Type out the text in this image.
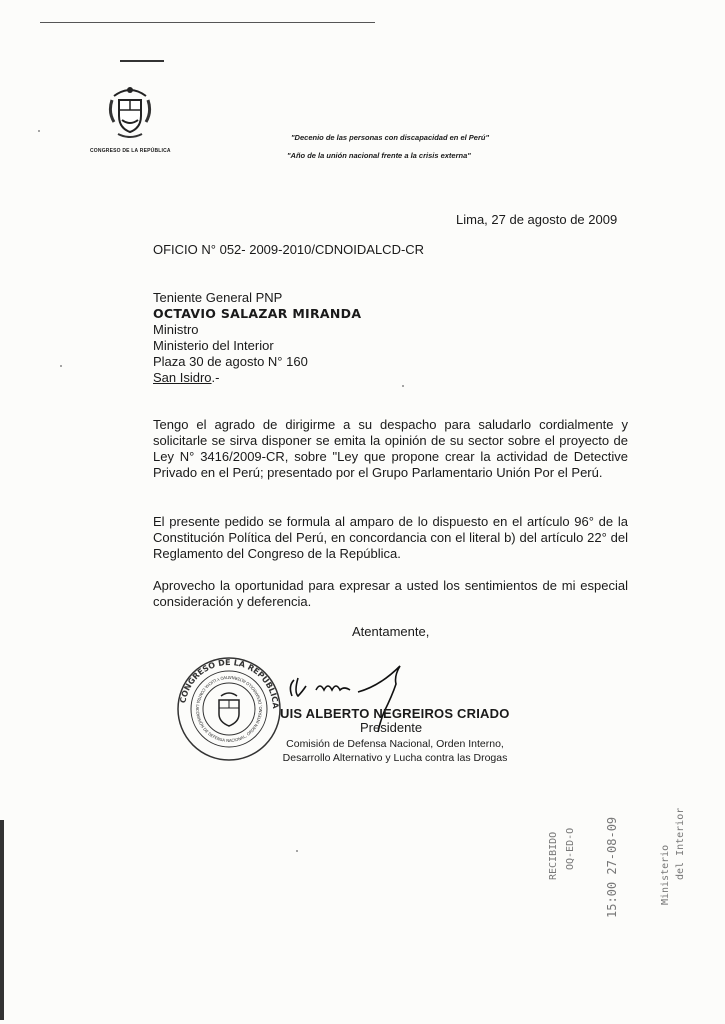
CONGRESO DE LA REPÚBLICA
"Decenio de las personas con discapacidad en el Perú"
"Año de la unión nacional frente a la crisis externa"
Lima, 27 de agosto de 2009
OFICIO N° 052- 2009-2010/CDNOIDALCD-CR
Teniente General PNP
OCTAVIO SALAZAR MIRANDA
Ministro
Ministerio del Interior
Plaza 30 de agosto N° 160
San Isidro.-

Tengo el agrado de dirigirme a su despacho para saludarlo cordialmente y solicitarle se sirva disponer se emita la opinión de su sector sobre el proyecto de Ley N° 3416/2009-CR, sobre "Ley que propone crear la actividad de Detective Privado en el Perú; presentado por el Grupo Parlamentario Unión Por el Perú.

El presente pedido se formula al amparo de lo dispuesto en el artículo 96° de la Constitución Política del Perú, en concordancia con el literal b) del artículo 22° del Reglamento del Congreso de la República.

Aprovecho la oportunidad para expresar a usted los sentimientos de mi especial consideración y deferencia.

Atentamente,
CONGRESO DE LA REPÚBLICA
COMISIÓN DE DEFENSA NACIONAL, ORDEN INTERNO, DESARROLLO ALTERNATIVO Y LUCHA CONTRA LA	UIS ALBERTO NEGREIROS CRIADO
Presidente
Comisión de Defensa Nacional, Orden Interno,
Desarrollo Alternativo y Lucha contra las Drogas
RECIBIDO OQ-ED-O 15:00 27-08-09	Ministerio del Interior
